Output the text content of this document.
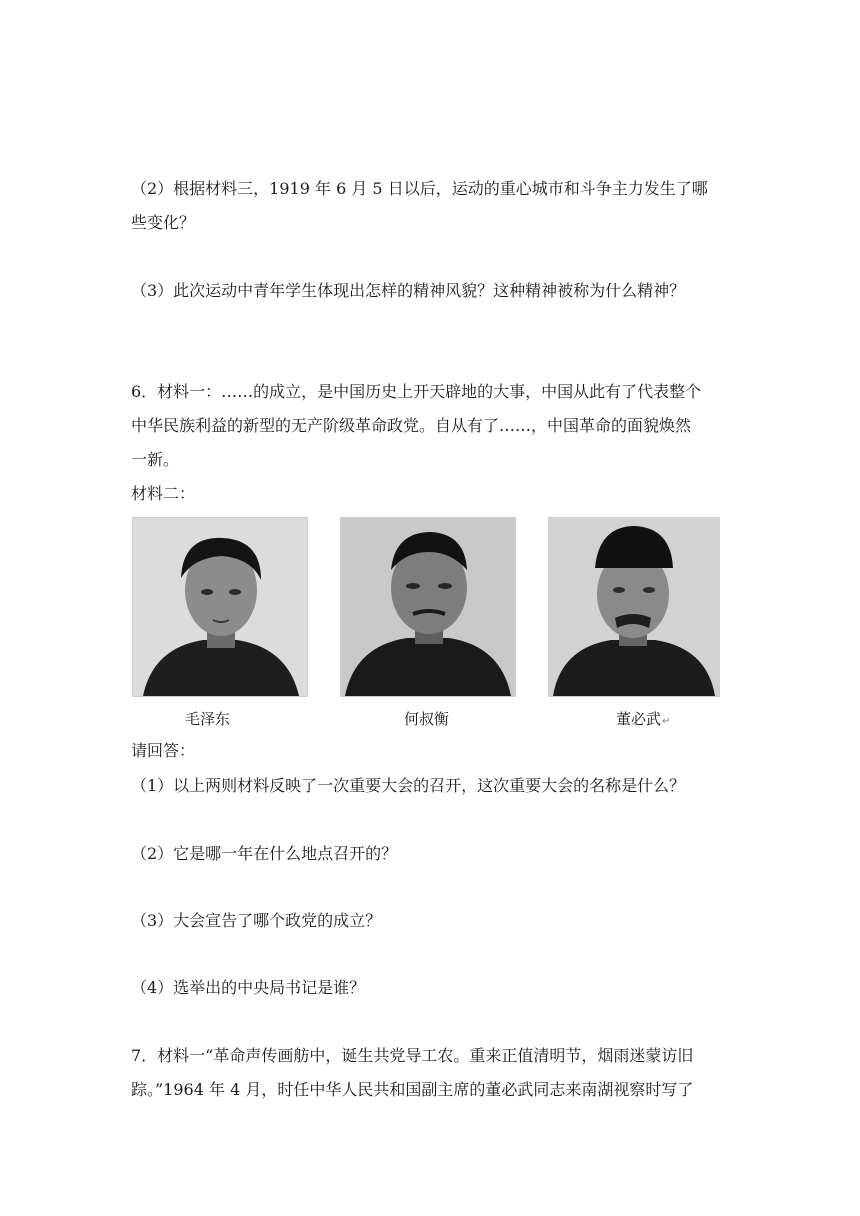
（2）根据材料三，1919 年 6 月 5 日以后，运动的重心城市和斗争主力发生了哪
些变化？
（3）此次运动中青年学生体现出怎样的精神风貌？这种精神被称为什么精神？
6．材料一：……的成立，是中国历史上开天辟地的大事，中国从此有了代表整个
中华民族利益的新型的无产阶级革命政党。自从有了……，中国革命的面貌焕然
一新。
材料二：
毛泽东	何叔衡	董必武↵
请回答：
（1）以上两则材料反映了一次重要大会的召开，这次重要大会的名称是什么？
（2）它是哪一年在什么地点召开的？
（3）大会宣告了哪个政党的成立？
（4）选举出的中央局书记是谁？
7．材料一“革命声传画舫中，诞生共党导工农。重来正值清明节，烟雨迷蒙访旧
踪。”1964 年 4 月，时任中华人民共和国副主席的董必武同志来南湖视察时写了
